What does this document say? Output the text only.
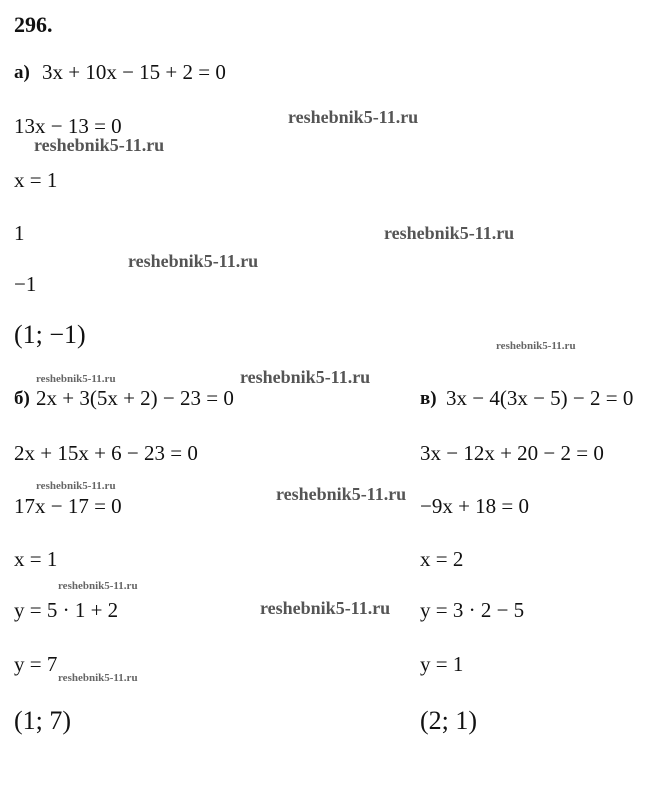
296.
а) 3x + 10x − 15 + 2 = 0
13x − 13 = 0
x = 1
1
−1
(1; −1)
б) 2x + 3(5x + 2) − 23 = 0
2x + 15x + 6 − 23 = 0
17x − 17 = 0
x = 1
y = 5 · 1 + 2
y = 7
(1; 7)
в) 3x − 4(3x − 5) − 2 = 0
3x − 12x + 20 − 2 = 0
−9x + 18 = 0
x = 2
y = 3 · 2 − 5
y = 1
(2; 1)
reshebnik5-11.ru
reshebnik5-11.ru
reshebnik5-11.ru
reshebnik5-11.ru
reshebnik5-11.ru
reshebnik5-11.ru	reshebnik5-11.ru
reshebnik5-11.ru	reshebnik5-11.ru
reshebnik5-11.ru
reshebnik5-11.ru
reshebnik5-11.ru
